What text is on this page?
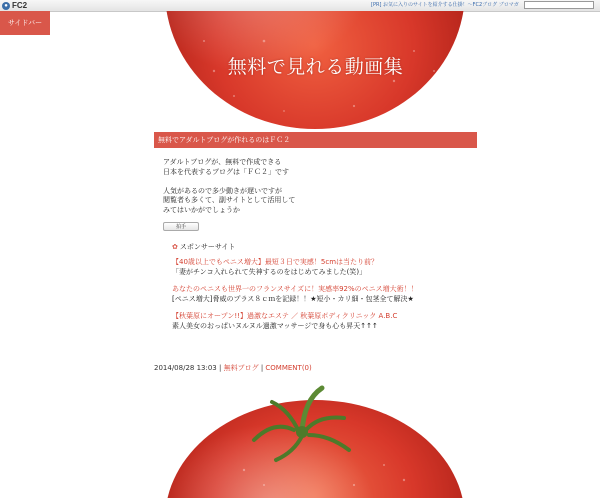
● FC2	[PR] お気に入りのサイトを紹介する仕掛！～FC2ブログ ブロマガ
サイドバー
無料で見れる動画集
無料でアダルトブログが作れるのはＦＣ２

アダルトブログが、無料で作成できる

日本を代表するブログは「ＦＣ２」です

人気があるので多少動きが遅いですが

閲覧者も多くて、副サイトとして活用して

みてはいかがでしょうか

拍手
✿ スポンサーサイト
【40歳以上でもペニス増大】最短３日で実感！5cmは当たり前？
「妻がチンコ入れられて失神するのをはじめてみました(笑)」
あなたのペニスも世界一のフランスサイズに！実感率92%のペニス増大術！！
[ペニス増大]脅威のプラス８ｃｍを記録！！★短小・カリ細・包茎全て解決★
【秋葉原にオープン!!】過激なエステ ／ 秋葉原ボディクリニック A.B.C
素人美女のおっぱいヌルヌル過激マッサージで身も心も昇天↑↑↑
2014/08/28 13:03 | 無料ブログ | COMMENT(0)
